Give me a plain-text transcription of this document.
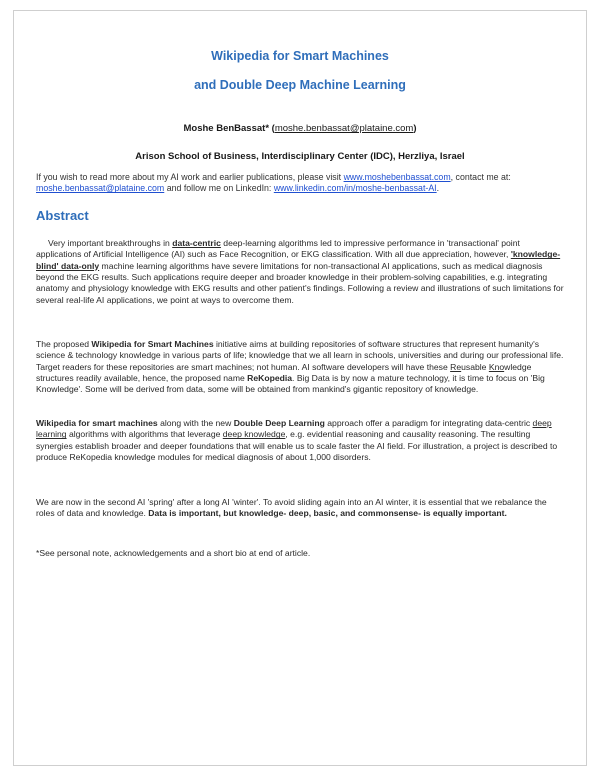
Wikipedia for Smart Machines
and Double Deep Machine Learning
Moshe BenBassat* (moshe.benbassat@plataine.com)
Arison School of Business, Interdisciplinary Center (IDC), Herzliya, Israel
If you wish to read more about my AI work and earlier publications, please visit www.moshebenbassat.com, contact me at: moshe.benbassat@plataine.com and follow me on LinkedIn: www.linkedin.com/in/moshe-benbassat-AI.
Abstract
Very important breakthroughs in data-centric deep-learning algorithms led to impressive performance in 'transactional' point applications of Artificial Intelligence (AI) such as Face Recognition, or EKG classification. With all due appreciation, however, 'knowledge-blind' data-only machine learning algorithms have severe limitations for non-transactional AI applications, such as medical diagnosis beyond the EKG results. Such applications require deeper and broader knowledge in their problem-solving capabilities, e.g. integrating anatomy and physiology knowledge with EKG results and other patient's findings. Following a review and illustrations of such limitations for several real-life AI applications, we point at ways to overcome them.
The proposed Wikipedia for Smart Machines initiative aims at building repositories of software structures that represent humanity's science & technology knowledge in various parts of life; knowledge that we all learn in schools, universities and during our professional life. Target readers for these repositories are smart machines; not human. AI software developers will have these Reusable Knowledge structures readily available, hence, the proposed name ReKopedia. Big Data is by now a mature technology, it is time to focus on 'Big Knowledge'. Some will be derived from data, some will be obtained from mankind's gigantic repository of knowledge.
Wikipedia for smart machines along with the new Double Deep Learning approach offer a paradigm for integrating data-centric deep learning algorithms with algorithms that leverage deep knowledge, e.g. evidential reasoning and causality reasoning. The resulting synergies establish broader and deeper foundations that will enable us to scale faster the AI field. For illustration, a project is described to produce ReKopedia knowledge modules for medical diagnosis of about 1,000 disorders.
We are now in the second AI 'spring' after a long AI 'winter'. To avoid sliding again into an AI winter, it is essential that we rebalance the roles of data and knowledge. Data is important, but knowledge- deep, basic, and commonsense- is equally important.
*See personal note, acknowledgements and a short bio at end of article.
